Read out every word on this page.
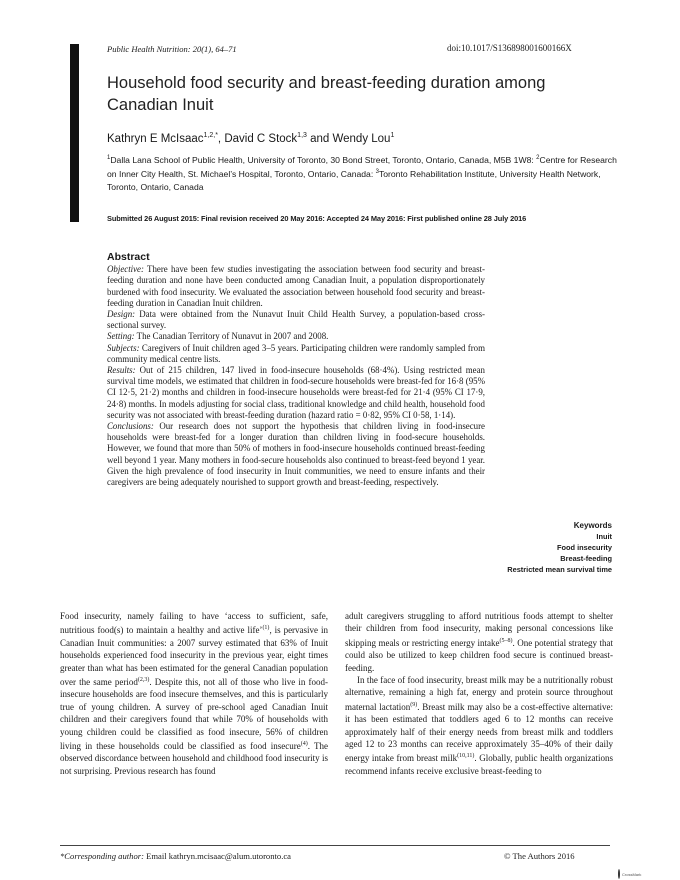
Public Health Nutrition: 20(1), 64–71	doi:10.1017/S136898001600166X
Household food security and breast-feeding duration among Canadian Inuit
Kathryn E McIsaac$^{1,2,*}$, David C Stock$^{1,3}$ and Wendy Lou$^1$
$^1$Dalla Lana School of Public Health, University of Toronto, 30 Bond Street, Toronto, Ontario, Canada, M5B 1W8: $^2$Centre for Research on Inner City Health, St. Michael’s Hospital, Toronto, Ontario, Canada: $^3$Toronto Rehabilitation Institute, University Health Network, Toronto, Ontario, Canada
Submitted 26 August 2015: Final revision received 20 May 2016: Accepted 24 May 2016: First published online 28 July 2016
Abstract

Objective: There have been few studies investigating the association between food security and breast-feeding duration and none have been conducted among Canadian Inuit, a population disproportionately burdened with food insecurity. We evaluated the association between household food security and breast-feeding duration in Canadian Inuit children.

Design: Data were obtained from the Nunavut Inuit Child Health Survey, a population-based cross-sectional survey.

Setting: The Canadian Territory of Nunavut in 2007 and 2008.

Subjects: Caregivers of Inuit children aged 3–5 years. Participating children were randomly sampled from community medical centre lists.

Results: Out of 215 children, 147 lived in food-insecure households (68·4%). Using restricted mean survival time models, we estimated that children in food-secure households were breast-fed for 16·8 (95% CI 12·5, 21·2) months and children in food-insecure households were breast-fed for 21·4 (95% CI 17·9, 24·8) months. In models adjusting for social class, traditional knowledge and child health, household food security was not associated with breast-feeding duration (hazard ratio = 0·82, 95% CI 0·58, 1·14).

Conclusions: Our research does not support the hypothesis that children living in food-insecure households were breast-fed for a longer duration than children living in food-secure households. However, we found that more than 50% of mothers in food-insecure households continued breast-feeding well beyond 1 year. Many mothers in food-secure households also continued to breast-feed beyond 1 year. Given the high prevalence of food insecurity in Inuit communities, we need to ensure infants and their caregivers are being adequately nourished to support growth and breast-feeding, respectively.

Keywords
Inuit
Food insecurity
Breast-feeding
Restricted mean survival time

Food insecurity, namely failing to have ‘access to sufficient, safe, nutritious food(s) to maintain a healthy and active life’$^{(1)}$, is pervasive in Canadian Inuit communities: a 2007 survey estimated that 63% of Inuit households experienced food insecurity in the previous year, eight times greater than what has been estimated for the general Canadian population over the same period$^{(2,3)}$. Despite this, not all of those who live in food-insecure households are food insecure themselves, and this is particularly true of young children. A survey of pre-school aged Canadian Inuit children and their caregivers found that while 70% of households with young children could be classified as food insecure, 56% of children living in these households could be classified as food insecure$^{(4)}$. The observed discordance between household and childhood food insecurity is not surprising. Previous research has found

adult caregivers struggling to afford nutritious foods attempt to shelter their children from food insecurity, making personal concessions like skipping meals or restricting energy intake$^{(5-8)}$. One potential strategy that could also be utilized to keep children food secure is continued breast-feeding.

In the face of food insecurity, breast milk may be a nutritionally robust alternative, remaining a high fat, energy and protein source throughout maternal lactation$^{(9)}$. Breast milk may also be a cost-effective alternative: it has been estimated that toddlers aged 6 to 12 months can receive approximately half of their energy needs from breast milk and toddlers aged 12 to 23 months can receive approximately 35–40% of their daily energy intake from breast milk$^{(10,11)}$. Globally, public health organizations recommend infants receive exclusive breast-feeding to

*Corresponding author: Email kathryn.mcisaac@alum.utoronto.ca	© The Authors 2016
CrossMark
